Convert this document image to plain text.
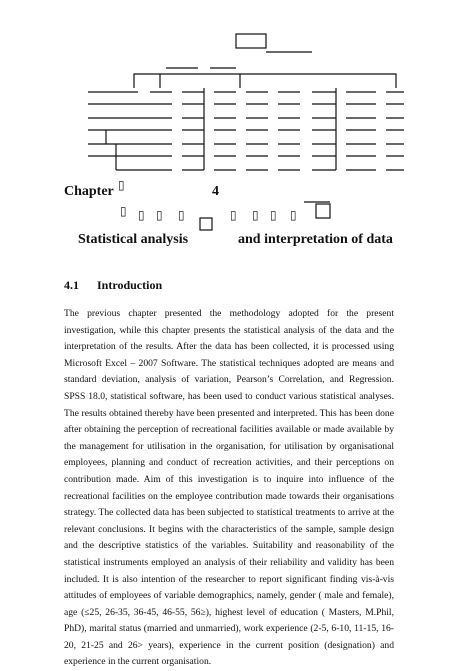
Chapter	4
▯
▯ ▯ ▯ ▯	▯ ▯ ▯ ▯
Statistical analysis	and interpretation of data
4.1 Introduction
The previous chapter presented the methodology adopted for the present investigation, while this chapter presents the statistical analysis of the data and the interpretation of the results. After the data has been collected, it is processed using Microsoft Excel – 2007 Software. The statistical techniques adopted are means and standard deviation, analysis of variation, Pearson’s Correlation, and Regression. SPSS 18.0, statistical software, has been used to conduct various statistical analyses. The results obtained thereby have been presented and interpreted. This has been done after obtaining the perception of recreational facilities available or made available by the management for utilisation in the organisation, for utilisation by organisational employees, planning and conduct of recreation activities, and their perceptions on contribution made. Aim of this investigation is to inquire into influence of the recreational facilities on the employee contribution made towards their organisations strategy. The collected data has been subjected to statistical treatments to arrive at the relevant conclusions. It begins with the characteristics of the sample, sample design and the descriptive statistics of the variables. Suitability and reasonability of the statistical instruments employed an analysis of their reliability and validity has been included. It is also intention of the researcher to report significant finding vis-à-vis attitudes of employees of variable demographics, namely, gender ( male and female), age (≤25, 26-35, 36-45, 46-55, 56≥), highest level of education ( Masters, M.Phil, PhD), marital status (married and unmarried), work experience (2-5, 6-10, 11-15, 16-20, 21-25 and 26> years), experience in the current position (designation) and experience in the current organisation.
